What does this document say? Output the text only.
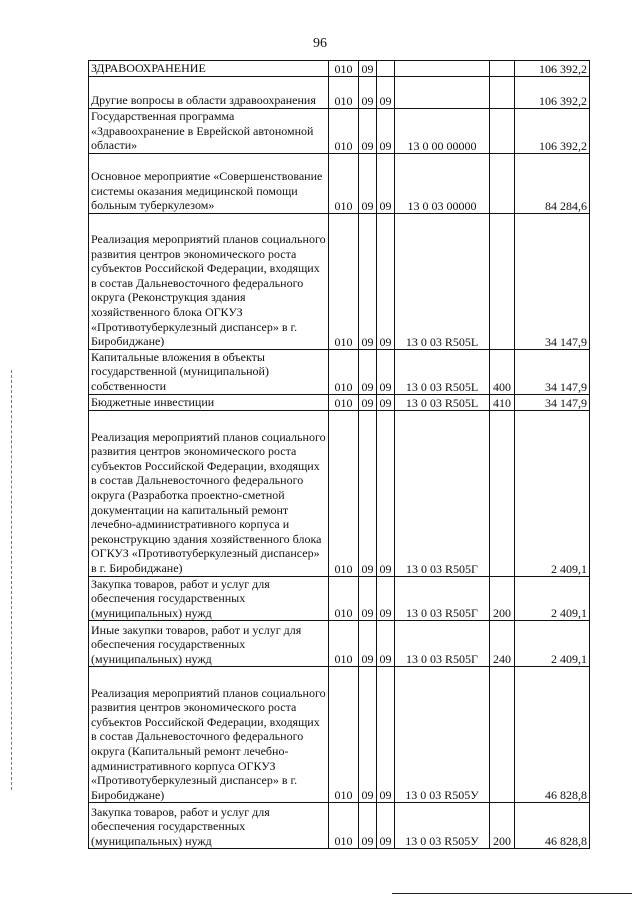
96
ЗДРАВООХРАНЕНИЕ	010	09				106 392,2
Другие вопросы в области здравоохранения	010	09	09			106 392,2
Государственная программа «Здравоохранение в Еврейской автономной области»	010	09	09	13 0 00 00000		106 392,2
Основное мероприятие «Совершенствование системы оказания медицинской помощи больным туберкулезом»	010	09	09	13 0 03 00000		84 284,6
Реализация мероприятий планов социального развития центров экономического роста субъектов Российской Федерации, входящих в состав Дальневосточного федерального округа (Реконструкция здания хозяйственного блока ОГКУЗ «Противотуберкулезный диспансер» в г. Биробиджане)	010	09	09	13 0 03 R505L		34 147,9
Капитальные вложения в объекты государственной (муниципальной) собственности	010	09	09	13 0 03 R505L	400	34 147,9
Бюджетные инвестиции	010	09	09	13 0 03 R505L	410	34 147,9
Реализация мероприятий планов социального развития центров экономического роста субъектов Российской Федерации, входящих в состав Дальневосточного федерального округа (Разработка проектно-сметной документации на капитальный ремонт лечебно-административного корпуса и реконструкцию здания хозяйственного блока ОГКУЗ «Противотуберкулезный диспансер» в г. Биробиджане)	010	09	09	13 0 03 R505Г		2 409,1
Закупка товаров, работ и услуг для обеспечения государственных (муниципальных) нужд	010	09	09	13 0 03 R505Г	200	2 409,1
Иные закупки товаров, работ и услуг для обеспечения государственных (муниципальных) нужд	010	09	09	13 0 03 R505Г	240	2 409,1
Реализация мероприятий планов социального развития центров экономического роста субъектов Российской Федерации, входящих в состав Дальневосточного федерального округа (Капитальный ремонт лечебно-административного корпуса ОГКУЗ «Противотуберкулезный диспансер» в г. Биробиджане)	010	09	09	13 0 03 R505У		46 828,8
Закупка товаров, работ и услуг для обеспечения государственных (муниципальных) нужд	010	09	09	13 0 03 R505У	200	46 828,8
